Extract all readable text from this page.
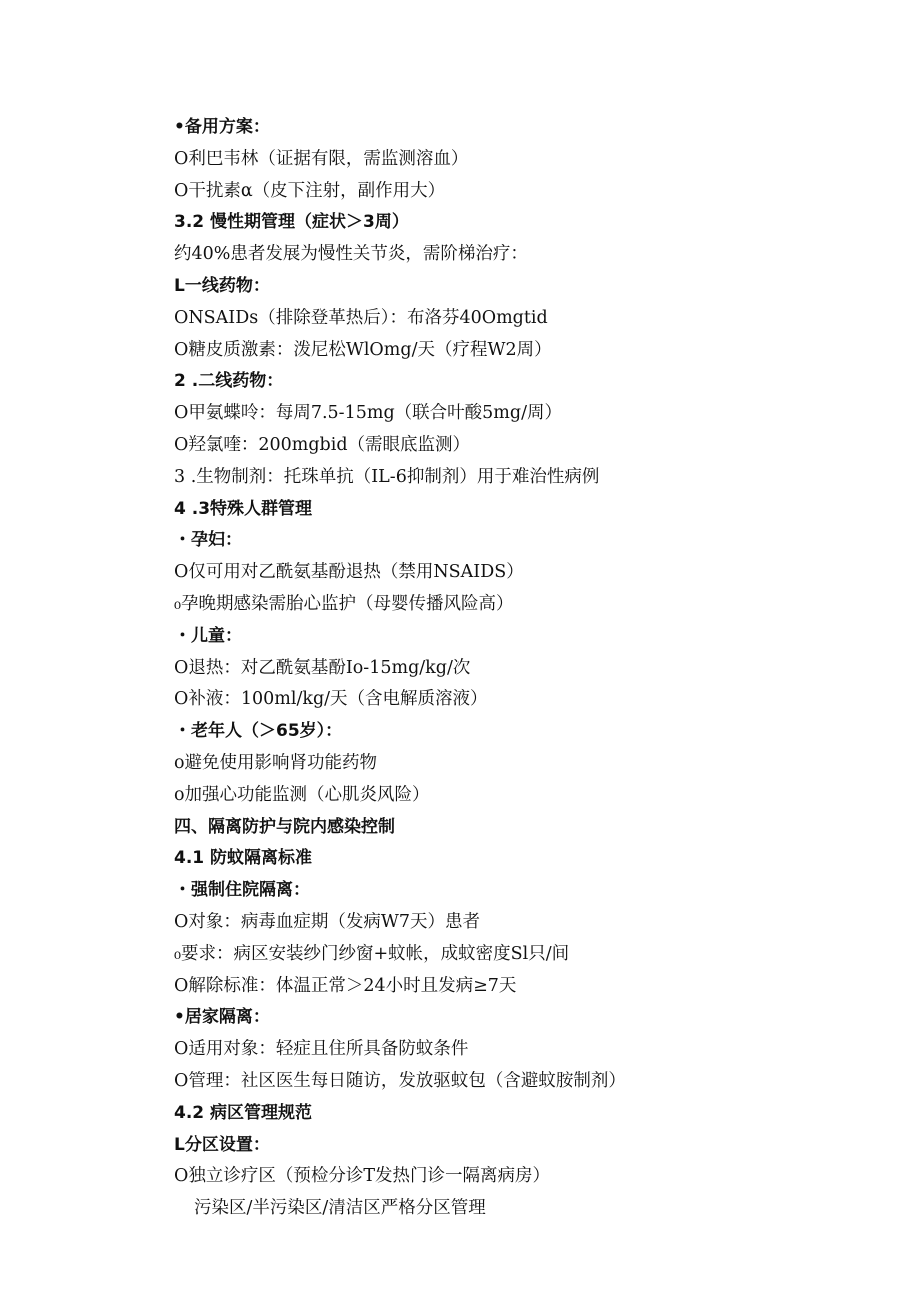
•备用方案：
O利巴韦林（证据有限，需监测溶血）
O干扰素α（皮下注射，副作用大）
3.2 慢性期管理（症状＞3周）
约40%患者发展为慢性关节炎，需阶梯治疗：
L一线药物：
ONSAIDs（排除登革热后）：布洛芬40Omgtid
O糖皮质激素：泼尼松WlOmg/天（疗程W2周）
2 .二线药物：
O甲氨蝶呤：每周7.5-15mg（联合叶酸5mg/周）
O羟氯喹：200mgbid（需眼底监测）
3 .生物制剂：托珠单抗（IL-6抑制剂）用于难治性病例
4 .3特殊人群管理
・孕妇：
O仅可用对乙酰氨基酚退热（禁用NSAIDS）
₀孕晚期感染需胎心监护（母婴传播风险高）
・儿童：
O退热：对乙酰氨基酚Io-15mg/kg/次
O补液：100ml/kg/天（含电解质溶液）
・老年人（＞65岁）：
o避免使用影响肾功能药物
o加强心功能监测（心肌炎风险）
四、隔离防护与院内感染控制
4.1 防蚊隔离标准
・强制住院隔离：
O对象：病毒血症期（发病W7天）患者
₀要求：病区安装纱门纱窗+蚊帐，成蚊密度Sl只/间
O解除标准：体温正常＞24小时且发病≥7天
•居家隔离：
O适用对象：轻症且住所具备防蚊条件
O管理：社区医生每日随访，发放驱蚊包（含避蚊胺制剂）
4.2 病区管理规范
L分区设置：
O独立诊疗区（预检分诊T发热门诊一隔离病房）
污染区/半污染区/清洁区严格分区管理
